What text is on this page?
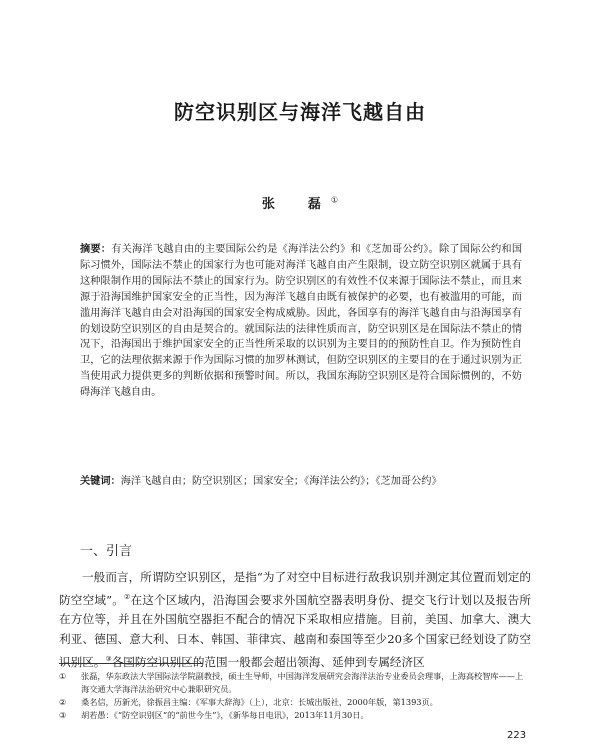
防空识别区与海洋飞越自由
张　磊①
摘要：有关海洋飞越自由的主要国际公约是《海洋法公约》和《芝加哥公约》。除了国际公约和国际习惯外，国际法不禁止的国家行为也可能对海洋飞越自由产生限制，设立防空识别区就属于具有这种限制作用的国际法不禁止的国家行为。防空识别区的有效性不仅来源于国际法不禁止，而且来源于沿海国维护国家安全的正当性，因为海洋飞越自由既有被保护的必要，也有被滥用的可能，而滥用海洋飞越自由会对沿海国的国家安全构成威胁。因此，各国享有的海洋飞越自由与沿海国享有的划设防空识别区的自由是契合的。就国际法的法律性质而言，防空识别区是在国际法不禁止的情况下，沿海国出于维护国家安全的正当性所采取的以识别为主要目的的预防性自卫。作为预防性自卫，它的法理依据来源于作为国际习惯的加罗林测试，但防空识别区的主要目的在于通过识别为正当使用武力提供更多的判断依据和预警时间。所以，我国东海防空识别区是符合国际惯例的，不妨碍海洋飞越自由。
关键词：海洋飞越自由；防空识别区；国家安全；《海洋法公约》；《芝加哥公约》
一、引言
一般而言，所谓防空识别区，是指“为了对空中目标进行敌我识别并测定其位置而划定的防空空域”。②在这个区域内，沿海国会要求外国航空器表明身份、提交飞行计划以及报告所在方位等，并且在外国航空器拒不配合的情况下采取相应措施。目前，美国、加拿大、澳大利亚、德国、意大利、日本、韩国、菲律宾、越南和泰国等至少20多个国家已经划设了防空识别区。③各国防空识别区的范围一般都会超出领海、延伸到专属经济区

① 张磊，华东政法大学国际法学院副教授，硕士生导师，中国海洋发展研究会海洋法治专业委员会理事，上海高校智库——上海交通大学海洋法治研究中心兼职研究员。

② 桑名信，历新光，徐振昌主编：《军事大辞海》（上），北京：长城出版社，2000年版，第1393页。

③ 胡若愚：《“防空识别区”的“前世今生”》，《新华每日电讯》，2013年11月30日。

223
